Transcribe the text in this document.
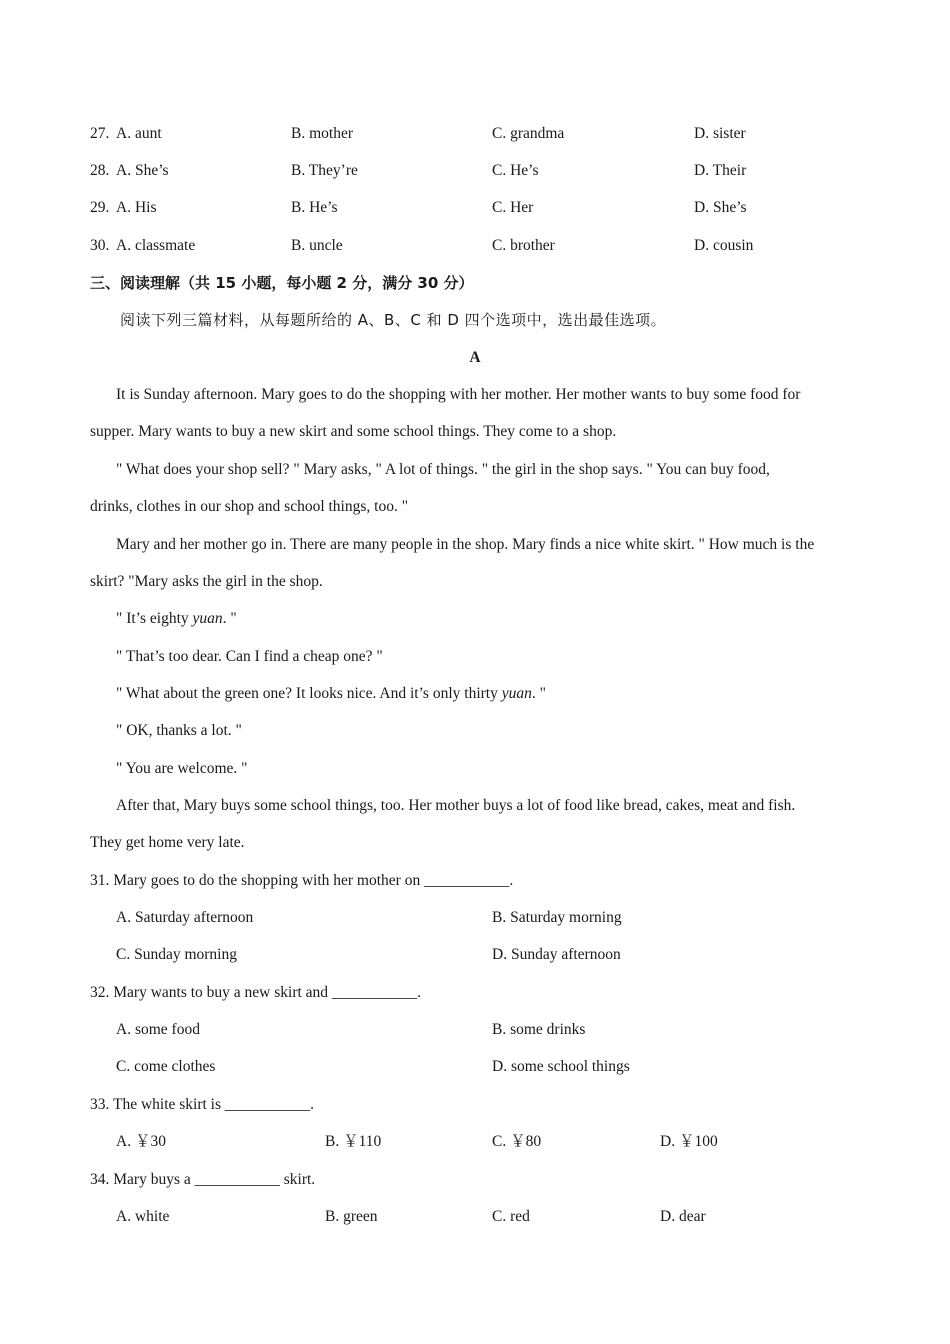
27. A. aunt	B. mother	C. grandma	D. sister
28. A. She’s	B. They’re	C. He’s	D. Their
29. A. His	B. He’s	C. Her	D. She’s
30. A. classmate	B. uncle	C. brother	D. cousin
三、阅读理解（共 15 小题，每小题 2 分，满分 30 分）
阅读下列三篇材料，从每题所给的 A、B、C 和 D 四个选项中，选出最佳选项。
A
It is Sunday afternoon. Mary goes to do the shopping with her mother. Her mother wants to buy some food for
supper. Mary wants to buy a new skirt and some school things. They come to a shop.
" What does your shop sell? " Mary asks, " A lot of things. " the girl in the shop says. " You can buy food,
drinks, clothes in our shop and school things, too. "
Mary and her mother go in. There are many people in the shop. Mary finds a nice white skirt. " How much is the
skirt? "Mary asks the girl in the shop.
" It’s eighty yuan. "
" That’s too dear. Can I find a cheap one? "
" What about the green one? It looks nice. And it’s only thirty yuan. "
" OK, thanks a lot. "
" You are welcome. "
After that, Mary buys some school things, too. Her mother buys a lot of food like bread, cakes, meat and fish.
They get home very late.
31. Mary goes to do the shopping with her mother on ___________.
A. Saturday afternoon	B. Saturday morning
C. Sunday morning	D. Sunday afternoon
32. Mary wants to buy a new skirt and ___________.
A. some food	B. some drinks
C. come clothes	D. some school things
33. The white skirt is ___________.
A. ￥30	B. ￥110	C. ￥80	D. ￥100
34. Mary buys a ___________ skirt.
A. white	B. green	C. red	D. dear
